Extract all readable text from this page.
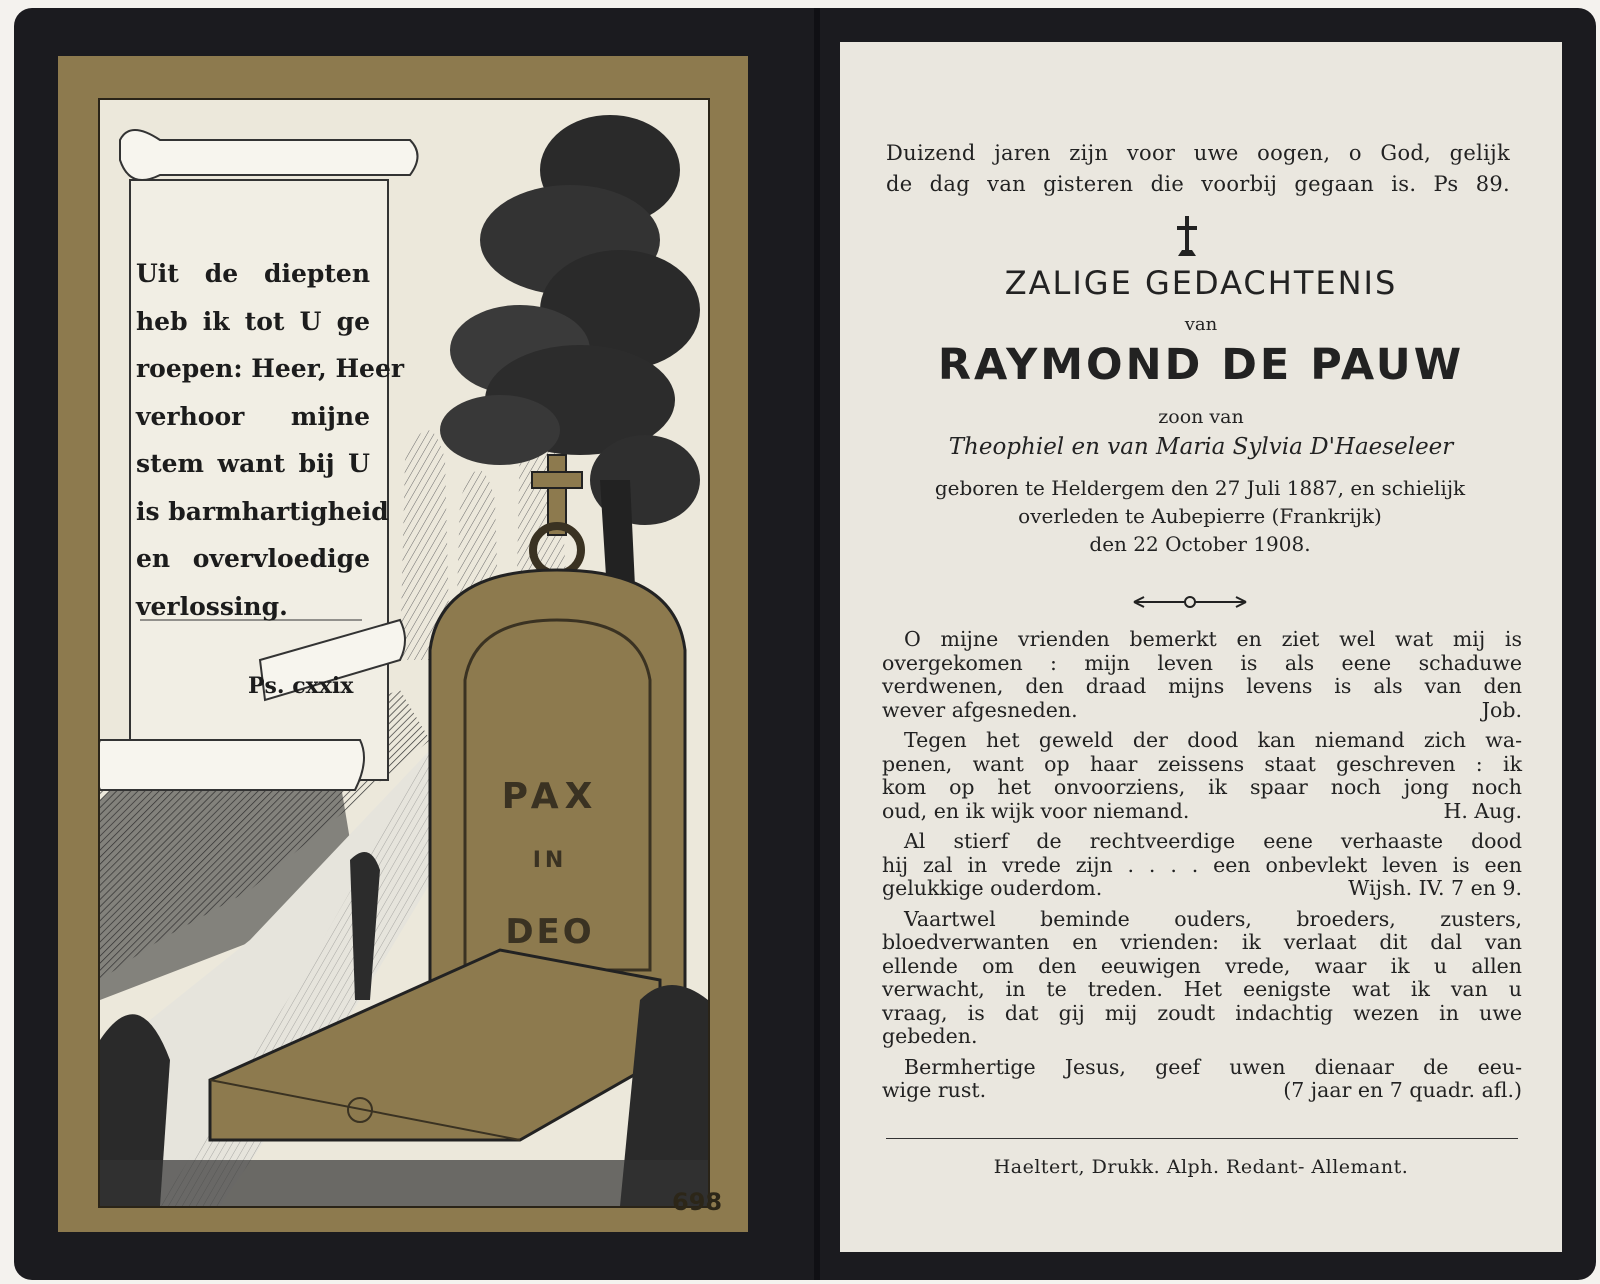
Uit de diepten
heb ik tot U ge
roepen: Heer, Heer
verhoor mijne
stem want bij U
is barmhartigheid
en overvloedige
verlossing.
Ps. cxxix
PAX
IN
DEO
698
Duizend jaren zijn voor uwe oogen, o God, gelijk
de dag van gisteren die voorbij gegaan is. Ps 89.
ZALIGE GEDACHTENIS
van
RAYMOND DE PAUW
zoon van
Theophiel en van Maria Sylvia D'Haeseleer
geboren te Heldergem den 27 Juli 1887, en schielijk
overleden te Aubepierre (Frankrijk)
den 22 October 1908.
O mijne vrienden bemerkt en ziet wel wat mij is
overgekomen : mijn leven is als eene schaduwe
verdwenen, den draad mijns levens is als van den
wever afgesneden.	Job.
Tegen het geweld der dood kan niemand zich wa-
penen, want op haar zeissens staat geschreven : ik
kom op het onvoorziens, ik spaar noch jong noch
oud, en ik wijk voor niemand.	H. Aug.
Al stierf de rechtveerdige eene verhaaste dood
hij zal in vrede zijn . . . . een onbevlekt leven is een
gelukkige ouderdom.	Wijsh. IV. 7 en 9.
Vaartwel beminde ouders, broeders, zusters,
bloedverwanten en vrienden: ik verlaat dit dal van
ellende om den eeuwigen vrede, waar ik u allen
verwacht, in te treden. Het eenigste wat ik van u
vraag, is dat gij mij zoudt indachtig wezen in uwe
gebeden.
Bermhertige Jesus, geef uwen dienaar de eeu-
wige rust.	(7 jaar en 7 quadr. afl.)
Haeltert, Drukk. Alph. Redant- Allemant.
